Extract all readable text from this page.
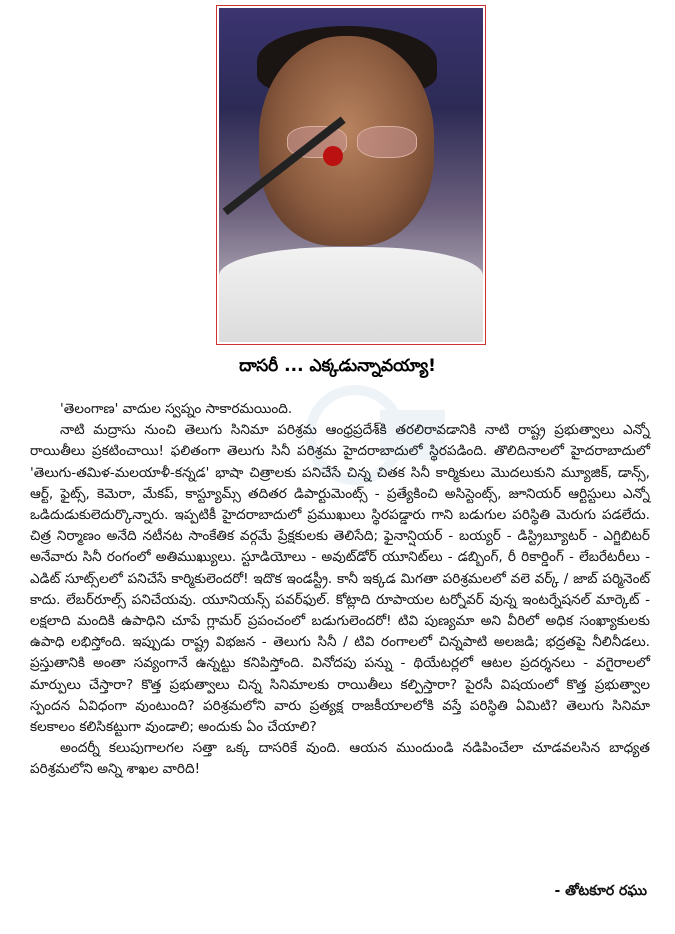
దాసరీ ... ఎక్కడున్నావయ్యా!

'తెలంగాణ' వాదుల స్వప్నం సాకారమయింది.

నాటి మద్రాసు నుంచి తెలుగు సినిమా పరిశ్రమ ఆంధ్రప్రదేశ్‌కి తరలిరావడానికి నాటి రాష్ట్ర ప్రభుత్వాలు ఎన్నో రాయితీలు ప్రకటించాయి! ఫలితంగా తెలుగు సినీ పరిశ్రమ హైదరాబాదులో స్థిరపడింది. తొలిదినాలలో హైదరాబాదులో 'తెలుగు-తమిళ-మలయాళీ-కన్నడ' భాషా చిత్రాలకు పనిచేసే చిన్న చితక సినీ కార్మికులు మొదలుకుని మ్యూజిక్, డాన్స్, ఆర్ట్, ఫైట్స్, కెమెరా, మేకప్, కాస్ట్యూమ్స్ తదితర డిపార్టుమెంట్స్ - ప్రత్యేకించి అసిస్టెంట్స్, జూనియర్ ఆర్టిస్టులు ఎన్నో ఒడిదుడుకులెదుర్కొన్నారు. ఇప్పటికీ హైదరాబాదులో ప్రముఖులు స్థిరపడ్డారు గాని బడుగుల పరిస్థితి మెరుగు పడలేదు. చిత్ర నిర్మాణం అనేది నటీనట సాంకేతిక వర్గమే ప్రేక్షకులకు తెలిసేది; ఫైనాన్షియర్ - బయ్యర్ - డిస్ట్రిబ్యూటర్ - ఎగ్జిబిటర్ అనేవారు సినీ రంగంలో అతిముఖ్యులు. స్టూడియోలు - అవుట్‌డోర్ యూనిట్‌లు - డబ్బింగ్, రీ రికార్డింగ్ - లేబరేటరీలు - ఎడిట్ సూట్స్‌లలో పనిచేసే కార్మికులెందరో! ఇదొక ఇండస్ట్రీ. కానీ ఇక్కడ మిగతా పరిశ్రమలలో వలె వర్క్ / జాబ్ పర్మినెంట్ కాదు. లేబర్‌రూల్స్ పనిచేయవు. యూనియన్స్ పవర్‌ఫుల్. కోట్లాది రూపాయల టర్నోవర్ వున్న ఇంటర్నేషనల్ మార్కెట్ - లక్షలాది మందికి ఉపాధిని చూపే గ్లామర్ ప్రపంచంలో బడుగులెందరో! టివి పుణ్యమా అని వీరిలో అధిక సంఖ్యాకులకు ఉపాధి లభిస్తోంది. ఇప్పుడు రాష్ట్ర విభజన - తెలుగు సినీ / టివి రంగాలలో చిన్నపాటి అలజడి; భద్రతపై నీలినీడలు. ప్రస్తుతానికి అంతా సవ్యంగానే ఉన్నట్టు కనిపిస్తోంది. వినోదపు పన్ను - థియేటర్లలో ఆటల ప్రదర్శనలు - వగైరాలలో మార్పులు చేస్తారా? కొత్త ప్రభుత్వాలు చిన్న సినిమాలకు రాయితీలు కల్పిస్తారా? పైరసీ విషయంలో కొత్త ప్రభుత్వాల స్పందన ఏవిధంగా వుంటుంది? పరిశ్రమలోని వారు ప్రత్యక్ష రాజకీయాలలోకి వస్తే పరిస్థితి ఏమిటి? తెలుగు సినిమా కలకాలం కలిసికట్టుగా వుండాలి; అందుకు ఏం చేయాలి?

అందర్నీ కలుపుగాలగల సత్తా ఒక్క దాసరికే వుంది. ఆయన ముందుండి నడిపించేలా చూడవలసిన బాధ్యత పరిశ్రమలోని అన్ని శాఖల వారిది!

- తోటకూర రఘు
